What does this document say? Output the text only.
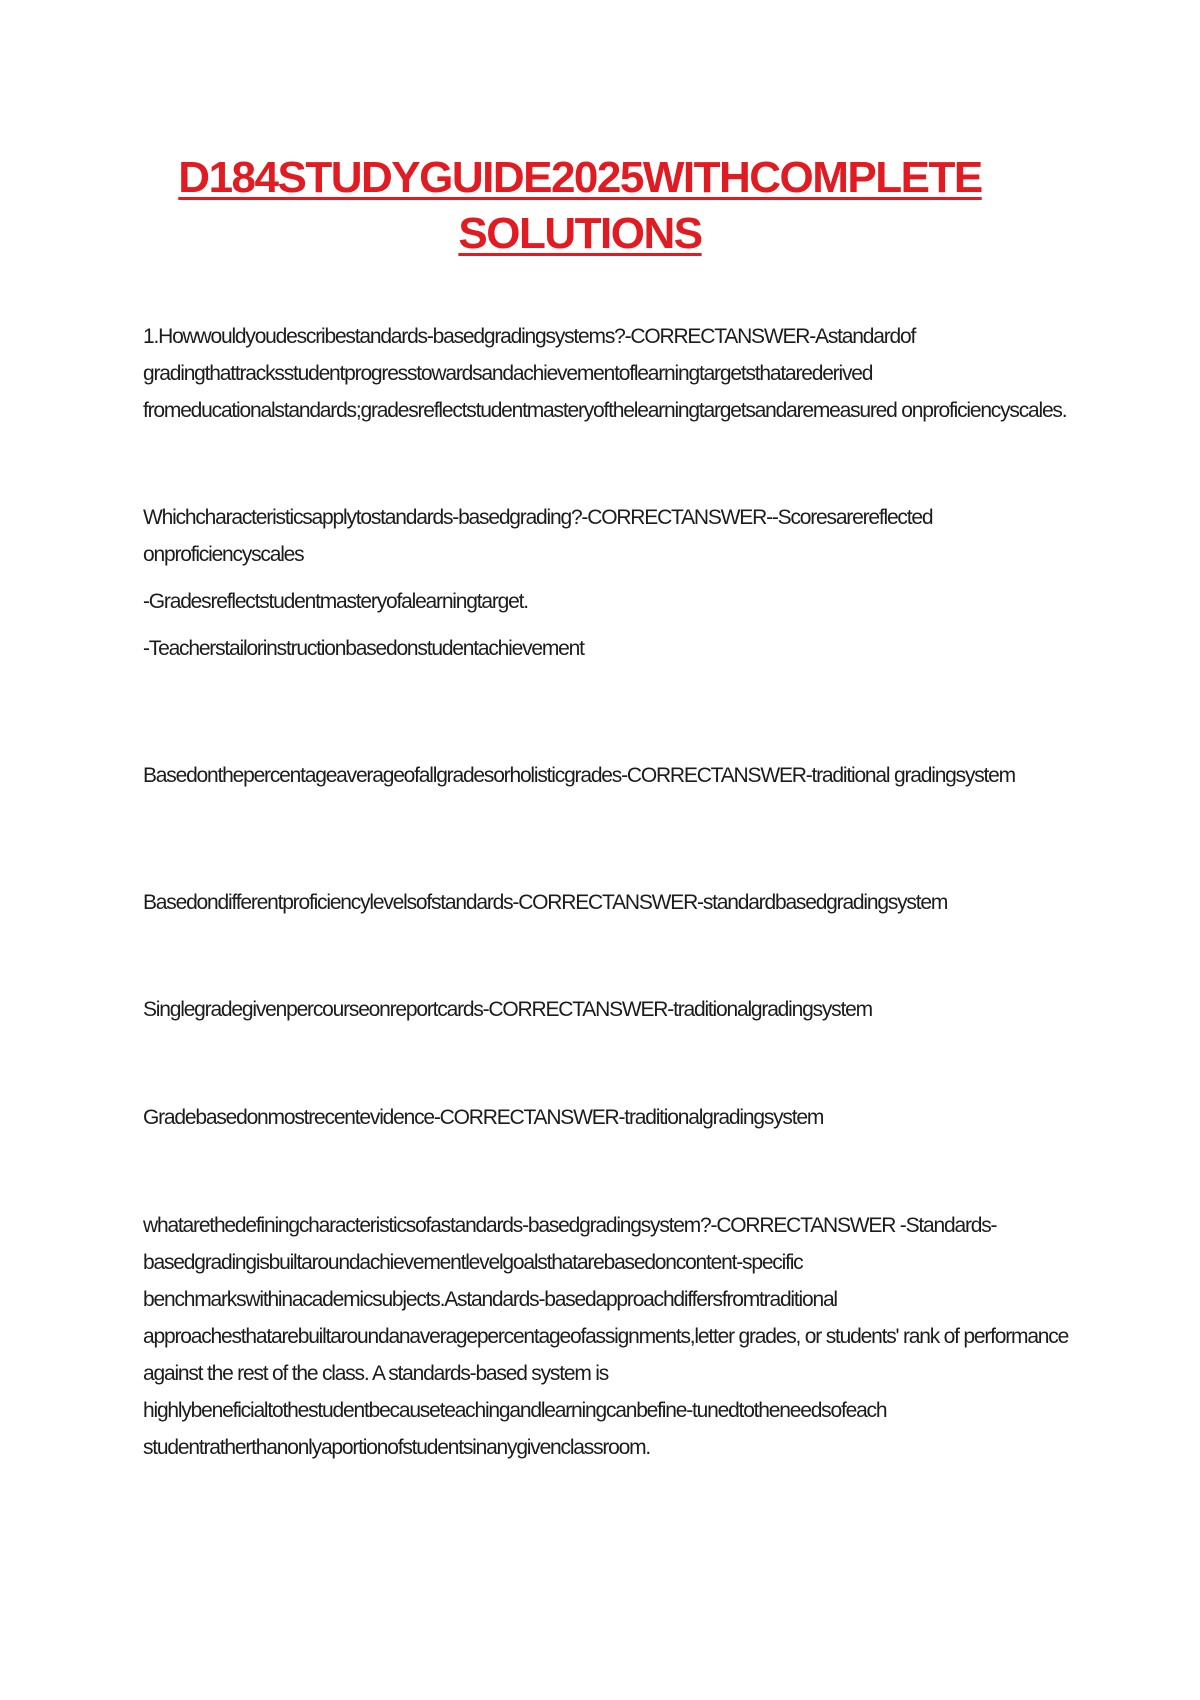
D184STUDYGUIDE2025WITHCOMPLETE
SOLUTIONS

1.Howwouldyoudescribestandards-basedgradingsystems?-CORRECTANSWER-Astandardof gradingthattracksstudentprogresstowardsandachievementoflearningtargetsthatarederived fromeducationalstandards;gradesreflectstudentmasteryofthelearningtargetsandaremeasured onproficiencyscales.

Whichcharacteristicsapplytostandards-basedgrading?-CORRECTANSWER--Scoresarereflected onproficiencyscales

-Gradesreflectstudentmasteryofalearningtarget.

-Teacherstailorinstructionbasedonstudentachievement

Basedonthepercentageaverageofallgradesorholisticgrades-CORRECTANSWER-traditional gradingsystem

Basedondifferentproficiencylevelsofstandards-CORRECTANSWER-standardbasedgradingsystem

Singlegradegivenpercourseonreportcards-CORRECTANSWER-traditionalgradingsystem

Gradebasedonmostrecentevidence-CORRECTANSWER-traditionalgradingsystem

whatarethedefiningcharacteristicsofastandards-basedgradingsystem?-CORRECTANSWER -Standards-basedgradingisbuiltaroundachievementlevelgoalsthatarebasedoncontent-specific benchmarkswithinacademicsubjects.Astandards-basedapproachdiffersfromtraditional approachesthatarebuiltaroundanaveragepercentageofassignments,letter grades, or students' rank of performance against the rest of the class. A standards-based system is highlybeneficialtothestudentbecauseteachingandlearningcanbefine-tunedtotheneedsofeach studentratherthanonlyaportionofstudentsinanygivenclassroom.
